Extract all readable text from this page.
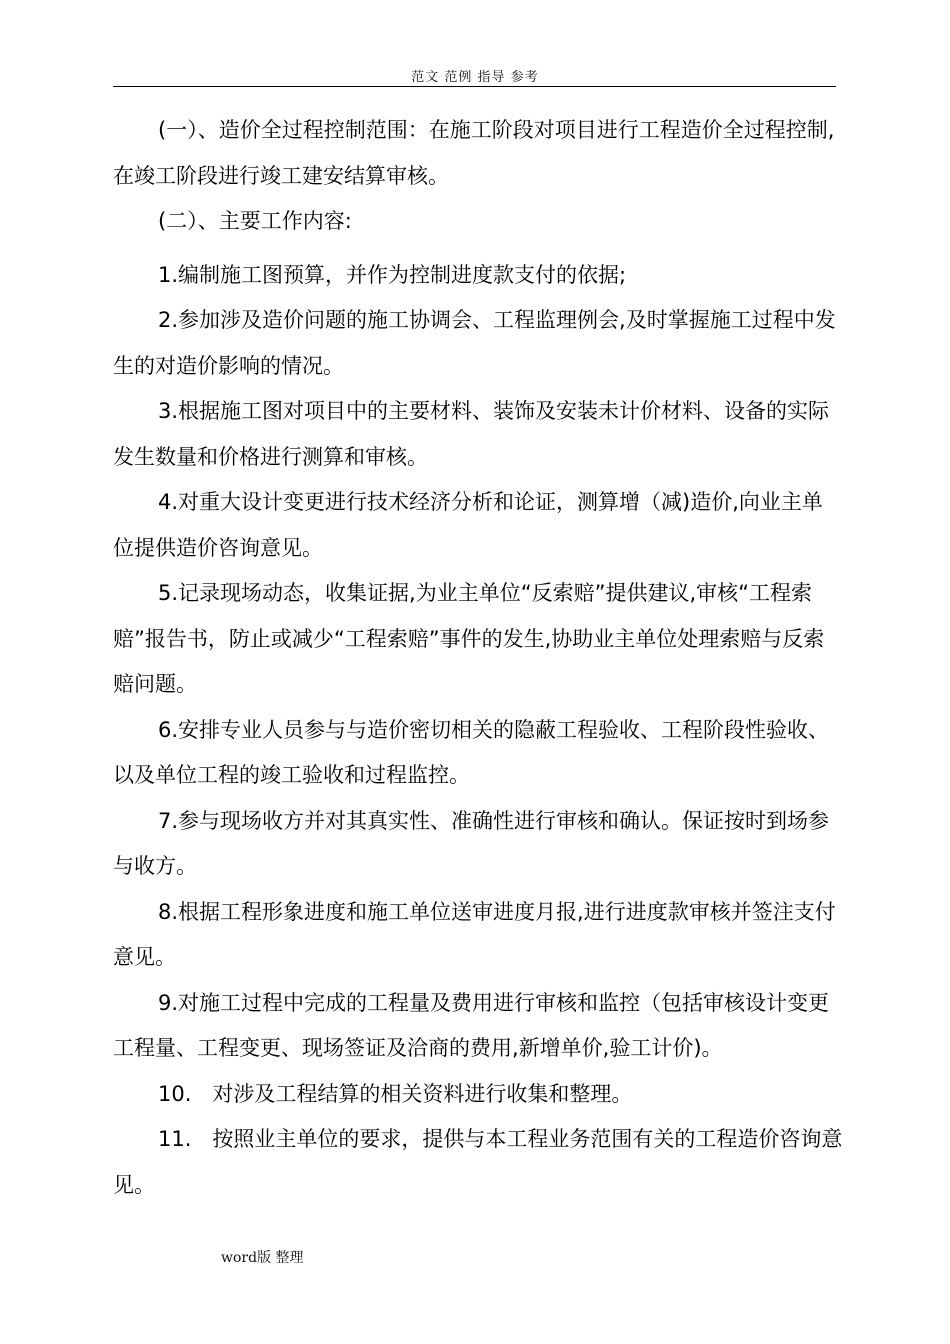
范文 范例 指导 参考

(一）、造价全过程控制范围：在施工阶段对项目进行工程造价全过程控制,在竣工阶段进行竣工建安结算审核。

(二）、主要工作内容:

1.编制施工图预算，并作为控制进度款支付的依据;

2.参加涉及造价问题的施工协调会、工程监理例会,及时掌握施工过程中发生的对造价影响的情况。

3.根据施工图对项目中的主要材料、装饰及安装未计价材料、设备的实际发生数量和价格进行测算和审核。

4.对重大设计变更进行技术经济分析和论证，测算增（减)造价,向业主单位提供造价咨询意见。

5.记录现场动态，收集证据,为业主单位“反索赔”提供建议,审核“工程索赔”报告书，防止或减少“工程索赔”事件的发生,协助业主单位处理索赔与反索赔问题。

6.安排专业人员参与与造价密切相关的隐蔽工程验收、工程阶段性验收、以及单位工程的竣工验收和过程监控。

7.参与现场收方并对其真实性、准确性进行审核和确认。保证按时到场参与收方。

8.根据工程形象进度和施工单位送审进度月报,进行进度款审核并签注支付意见。

9.对施工过程中完成的工程量及费用进行审核和监控（包括审核设计变更工程量、工程变更、现场签证及洽商的费用,新增单价,验工计价)。

10.　对涉及工程结算的相关资料进行收集和整理。

11.　按照业主单位的要求，提供与本工程业务范围有关的工程造价咨询意见。

word版 整理
